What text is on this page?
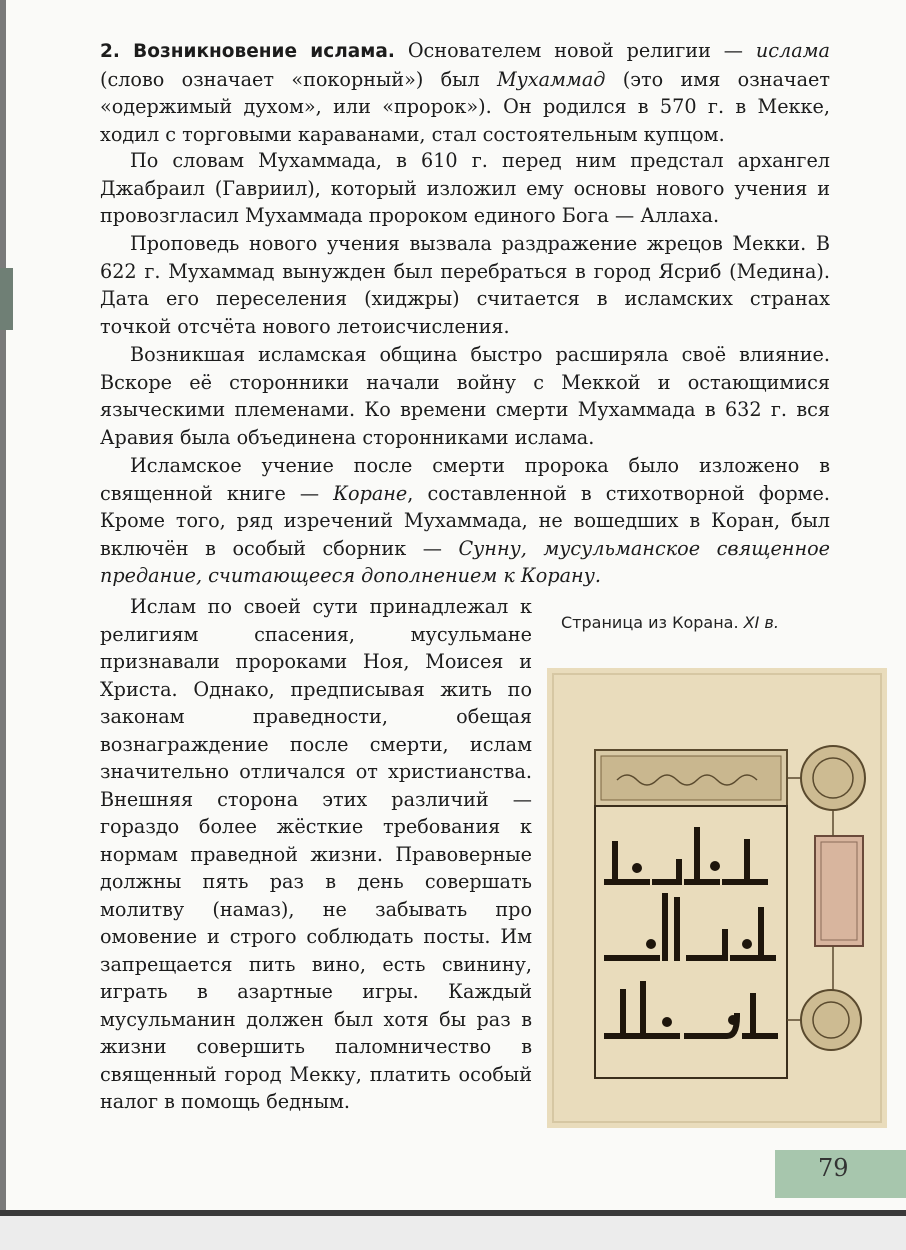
2. Возникновение ислама. Основателем новой религии — ислама (слово означает «покорный») был Мухаммад (это имя означает «одержимый духом», или «пророк»). Он родился в 570 г. в Мекке, ходил с торговыми караванами, стал состоятельным купцом.

По словам Мухаммада, в 610 г. перед ним предстал архангел Джабраил (Гавриил), который изложил ему основы нового учения и провозгласил Мухаммада пророком единого Бога — Аллаха.

Проповедь нового учения вызвала раздражение жрецов Мекки. В 622 г. Мухаммад вынужден был перебраться в город Ясриб (Медина). Дата его переселения (хиджры) считается в исламских странах точкой отсчёта нового летоисчисления.

Возникшая исламская община быстро расширяла своё влияние. Вскоре её сторонники начали войну с Меккой и остающимися языческими племенами. Ко времени смерти Мухаммада в 632 г. вся Аравия была объединена сторонниками ислама.

Исламское учение после смерти пророка было изложено в священной книге — Коране, составленной в стихотворной форме. Кроме того, ряд изречений Мухаммада, не вошедших в Коран, был включён в особый сборник — Сунну, мусульманское священное предание, считающееся дополнением к Корану.

Ислам по своей сути принадлежал к религиям спасения, мусульмане признавали пророками Ноя, Моисея и Христа. Однако, предписывая жить по законам праведности, обещая вознаграждение после смерти, ислам значительно отличался от христианства. Внешняя сторона этих различий — гораздо более жёсткие требования к нормам праведной жизни. Правоверные должны пять раз в день совершать молитву (намаз), не забывать про омовение и строго соблюдать посты. Им запрещается пить вино, есть свинину, играть в азартные игры. Каждый мусульманин должен был хотя бы раз в жизни совершить паломничество в священный город Мекку, платить особый налог в помощь бедным.

Страница из Корана. XI в.

79
